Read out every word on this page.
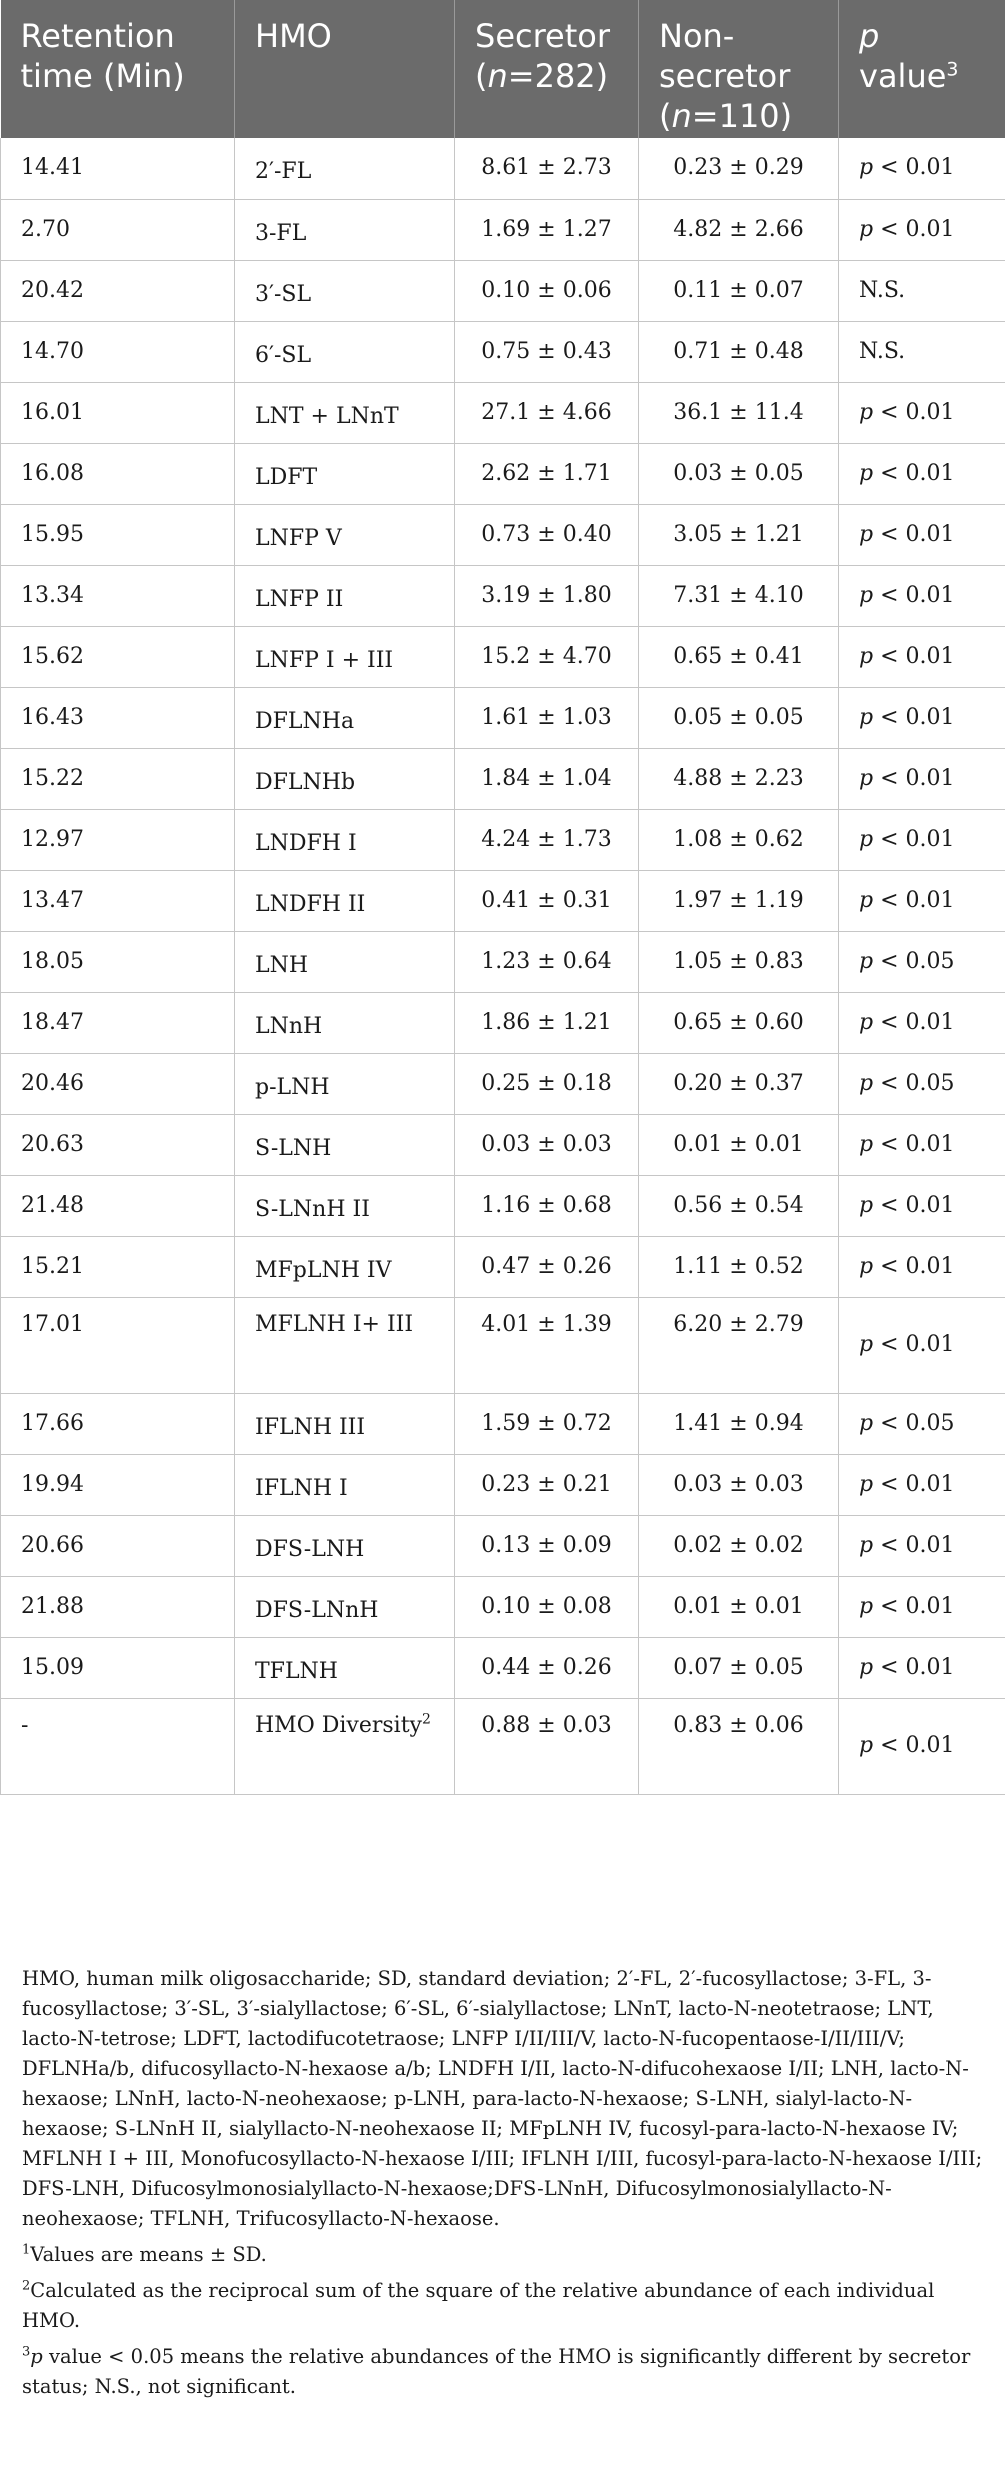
Retention time (Min)	HMO	Secretor (n=282)	Non-secretor (n=110)	p value$^3$
14.41	2′-FL	8.61 ± 2.73	0.23 ± 0.29	p < 0.01
2.70	3-FL	1.69 ± 1.27	4.82 ± 2.66	p < 0.01
20.42	3′-SL	0.10 ± 0.06	0.11 ± 0.07	N.S.
14.70	6′-SL	0.75 ± 0.43	0.71 ± 0.48	N.S.
16.01	LNT + LNnT	27.1 ± 4.66	36.1 ± 11.4	p < 0.01
16.08	LDFT	2.62 ± 1.71	0.03 ± 0.05	p < 0.01
15.95	LNFP V	0.73 ± 0.40	3.05 ± 1.21	p < 0.01
13.34	LNFP II	3.19 ± 1.80	7.31 ± 4.10	p < 0.01
15.62	LNFP I + III	15.2 ± 4.70	0.65 ± 0.41	p < 0.01
16.43	DFLNHa	1.61 ± 1.03	0.05 ± 0.05	p < 0.01
15.22	DFLNHb	1.84 ± 1.04	4.88 ± 2.23	p < 0.01
12.97	LNDFH I	4.24 ± 1.73	1.08 ± 0.62	p < 0.01
13.47	LNDFH II	0.41 ± 0.31	1.97 ± 1.19	p < 0.01
18.05	LNH	1.23 ± 0.64	1.05 ± 0.83	p < 0.05
18.47	LNnH	1.86 ± 1.21	0.65 ± 0.60	p < 0.01
20.46	p-LNH	0.25 ± 0.18	0.20 ± 0.37	p < 0.05
20.63	S-LNH	0.03 ± 0.03	0.01 ± 0.01	p < 0.01
21.48	S-LNnH II	1.16 ± 0.68	0.56 ± 0.54	p < 0.01
15.21	MFpLNH IV	0.47 ± 0.26	1.11 ± 0.52	p < 0.01
17.01	MFLNH I+ III	4.01 ± 1.39	6.20 ± 2.79	p < 0.01
17.66	IFLNH III	1.59 ± 0.72	1.41 ± 0.94	p < 0.05
19.94	IFLNH I	0.23 ± 0.21	0.03 ± 0.03	p < 0.01
20.66	DFS-LNH	0.13 ± 0.09	0.02 ± 0.02	p < 0.01
21.88	DFS-LNnH	0.10 ± 0.08	0.01 ± 0.01	p < 0.01
15.09	TFLNH	0.44 ± 0.26	0.07 ± 0.05	p < 0.01
-	HMO Diversity$^2$	0.88 ± 0.03	0.83 ± 0.06	p < 0.01

HMO, human milk oligosaccharide; SD, standard deviation; 2′-FL, 2′-fucosyllactose; 3-FL, 3-fucosyllactose; 3′-SL, 3′-sialyllactose; 6′-SL, 6′-sialyllactose; LNnT, lacto-N-neotetraose; LNT, lacto-N-tetrose; LDFT, lactodifucotetraose; LNFP I/II/III/V, lacto-N-fucopentaose-I/II/III/V; DFLNHa/b, difucosyllacto-N-hexaose a/b; LNDFH I/II, lacto-N-difucohexaose I/II; LNH, lacto-N-hexaose; LNnH, lacto-N-neohexaose; p-LNH, para-lacto-N-hexaose; S-LNH, sialyl-lacto-N-hexaose; S-LNnH II, sialyllacto-N-neohexaose II; MFpLNH IV, fucosyl-para-lacto-N-hexaose IV; MFLNH I + III, Monofucosyllacto-N-hexaose I/III; IFLNH I/III, fucosyl-para-lacto-N-hexaose I/III; DFS-LNH, Difucosylmonosialyllacto-N-hexaose;DFS-LNnH, Difucosylmonosialyllacto-N-neohexaose; TFLNH, Trifucosyllacto-N-hexaose.

$^1$Values are means ± SD.

$^2$Calculated as the reciprocal sum of the square of the relative abundance of each individual HMO.

$^3$p value < 0.05 means the relative abundances of the HMO is significantly different by secretor status; N.S., not significant.
